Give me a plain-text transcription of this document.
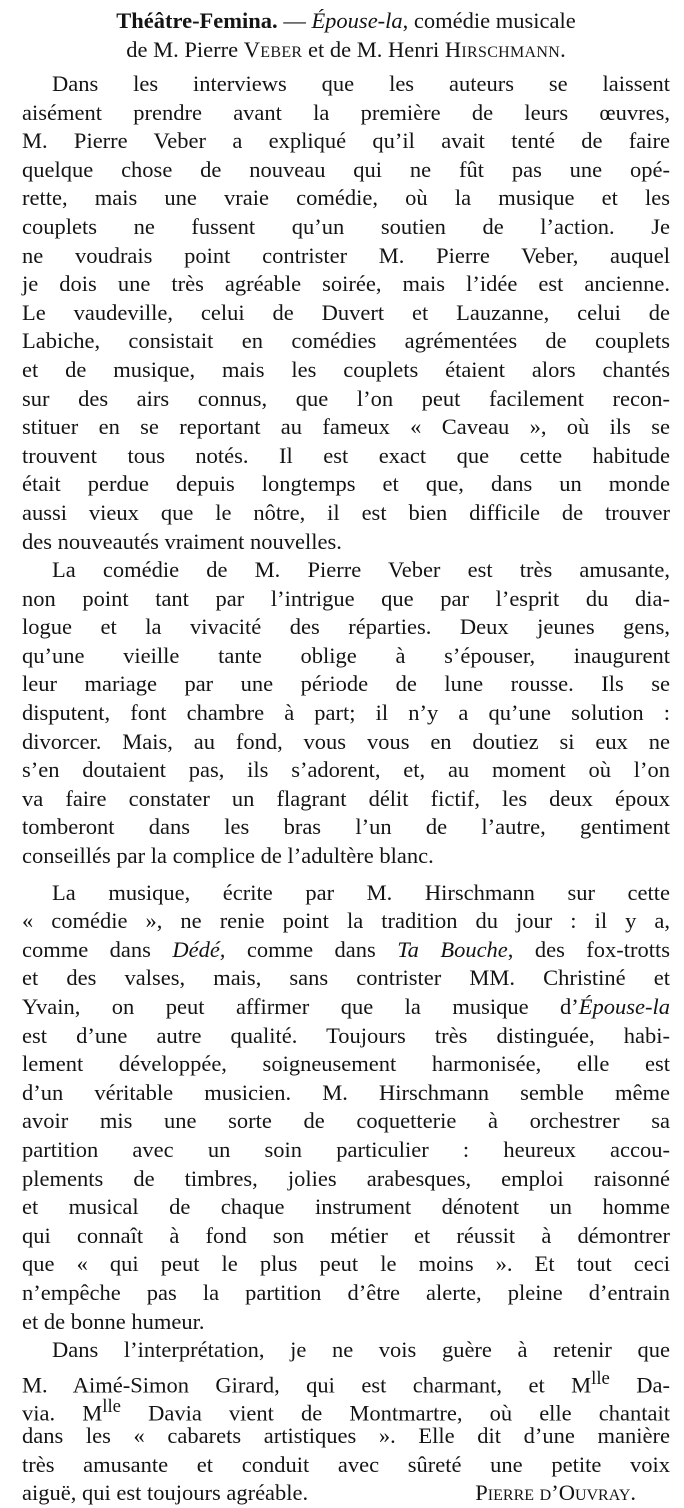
Théâtre-Femina. — Épouse-la, comédie musicale
de M. Pierre Veber et de M. Henri Hirschmann.
Dans les interviews que les auteurs se laissent
aisément prendre avant la première de leurs œuvres,
M. Pierre Veber a expliqué qu’il avait tenté de faire
quelque chose de nouveau qui ne fût pas une opé-
rette, mais une vraie comédie, où la musique et les
couplets ne fussent qu’un soutien de l’action. Je
ne voudrais point contrister M. Pierre Veber, auquel
je dois une très agréable soirée, mais l’idée est ancienne.
Le vaudeville, celui de Duvert et Lauzanne, celui de
Labiche, consistait en comédies agrémentées de couplets
et de musique, mais les couplets étaient alors chantés
sur des airs connus, que l’on peut facilement recon-
stituer en se reportant au fameux « Caveau », où ils se
trouvent tous notés. Il est exact que cette habitude
était perdue depuis longtemps et que, dans un monde
aussi vieux que le nôtre, il est bien difficile de trouver
des nouveautés vraiment nouvelles.
La comédie de M. Pierre Veber est très amusante,
non point tant par l’intrigue que par l’esprit du dia-
logue et la vivacité des réparties. Deux jeunes gens,
qu’une vieille tante oblige à s’épouser, inaugurent
leur mariage par une période de lune rousse. Ils se
disputent, font chambre à part; il n’y a qu’une solution :
divorcer. Mais, au fond, vous vous en doutiez si eux ne
s’en doutaient pas, ils s’adorent, et, au moment où l’on
va faire constater un flagrant délit fictif, les deux époux
tomberont dans les bras l’un de l’autre, gentiment
conseillés par la complice de l’adultère blanc.
La musique, écrite par M. Hirschmann sur cette
« comédie », ne renie point la tradition du jour : il y a,
comme dans Dédé, comme dans Ta Bouche, des fox-trotts
et des valses, mais, sans contrister MM. Christiné et
Yvain, on peut affirmer que la musique d’Épouse-la
est d’une autre qualité. Toujours très distinguée, habi-
lement développée, soigneusement harmonisée, elle est
d’un véritable musicien. M. Hirschmann semble même
avoir mis une sorte de coquetterie à orchestrer sa
partition avec un soin particulier : heureux accou-
plements de timbres, jolies arabesques, emploi raisonné
et musical de chaque instrument dénotent un homme
qui connaît à fond son métier et réussit à démontrer
que « qui peut le plus peut le moins ». Et tout ceci
n’empêche pas la partition d’être alerte, pleine d’entrain
et de bonne humeur.
Dans l’interprétation, je ne vois guère à retenir que
M. Aimé-Simon Girard, qui est charmant, et $M^{lle}$ Da-
via. $M^{lle}$ Davia vient de Montmartre, où elle chantait
dans les « cabarets artistiques ». Elle dit d’une manière
très amusante et conduit avec sûreté une petite voix
aiguë, qui est toujours agréable.	Pierre d’Ouvray.
